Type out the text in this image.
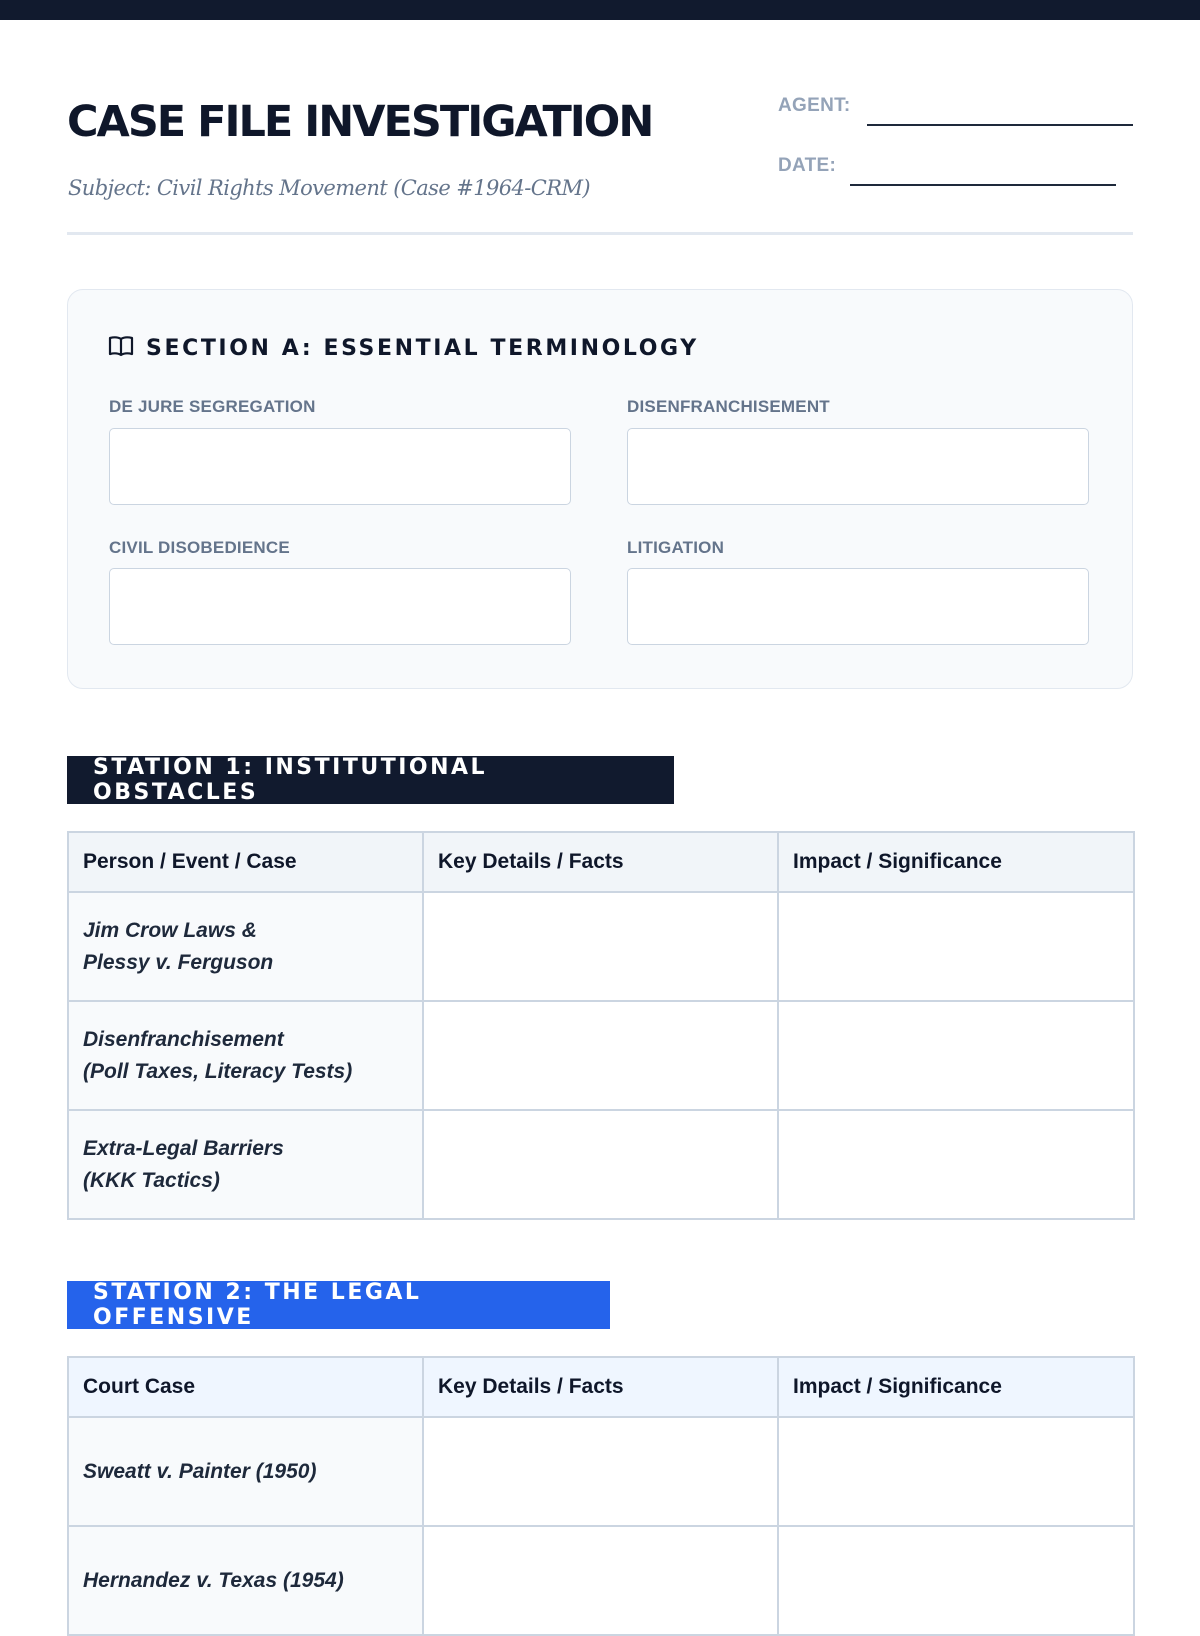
CASE FILE INVESTIGATION

Subject: Civil Rights Movement (Case #1964-CRM)

AGENT:
DATE:
SECTION A: ESSENTIAL TERMINOLOGY
DE JURE SEGREGATION	DISENFRANCHISEMENT
CIVIL DISOBEDIENCE	LITIGATION
STATION 1: INSTITUTIONAL OBSTACLES
Person / Event / Case	Key Details / Facts	Impact / Significance

Jim Crow Laws &
Plessy v. Ferguson		

Disenfranchisement
(Poll Taxes, Literacy Tests)		

Extra-Legal Barriers
(KKK Tactics)		

STATION 2: THE LEGAL OFFENSIVE
Court Case	Key Details / Facts	Impact / Significance

Sweatt v. Painter (1950)		

Hernandez v. Texas (1954)		
